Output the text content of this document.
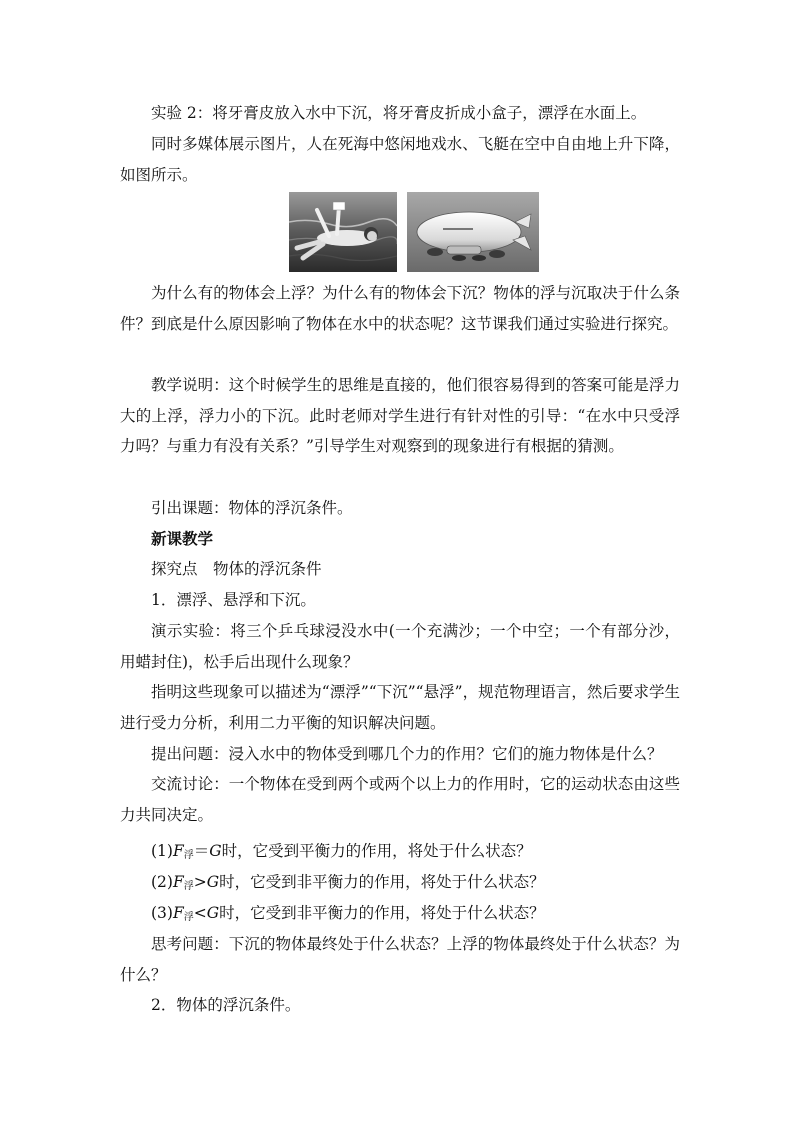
实验 2：将牙膏皮放入水中下沉，将牙膏皮折成小盒子，漂浮在水面上。

同时多媒体展示图片，人在死海中悠闲地戏水、飞艇在空中自由地上升下降，如图所示。

为什么有的物体会上浮？为什么有的物体会下沉？物体的浮与沉取决于什么条件？到底是什么原因影响了物体在水中的状态呢？这节课我们通过实验进行探究。

教学说明：这个时候学生的思维是直接的，他们很容易得到的答案可能是浮力大的上浮，浮力小的下沉。此时老师对学生进行有针对性的引导：“在水中只受浮力吗？与重力有没有关系？”引导学生对观察到的现象进行有根据的猜测。

引出课题：物体的浮沉条件。

新课教学

探究点　物体的浮沉条件

1．漂浮、悬浮和下沉。

演示实验：将三个乒乓球浸没水中(一个充满沙；一个中空；一个有部分沙，用蜡封住)，松手后出现什么现象？

指明这些现象可以描述为“漂浮”“下沉”“悬浮”，规范物理语言，然后要求学生进行受力分析，利用二力平衡的知识解决问题。

提出问题：浸入水中的物体受到哪几个力的作用？它们的施力物体是什么？

交流讨论：一个物体在受到两个或两个以上力的作用时，它的运动状态由这些力共同决定。

(1)F浮＝G时，它受到平衡力的作用，将处于什么状态？

(2)F浮>G时，它受到非平衡力的作用，将处于什么状态？

(3)F浮<G时，它受到非平衡力的作用，将处于什么状态？

思考问题：下沉的物体最终处于什么状态？上浮的物体最终处于什么状态？为什么？

2．物体的浮沉条件。
